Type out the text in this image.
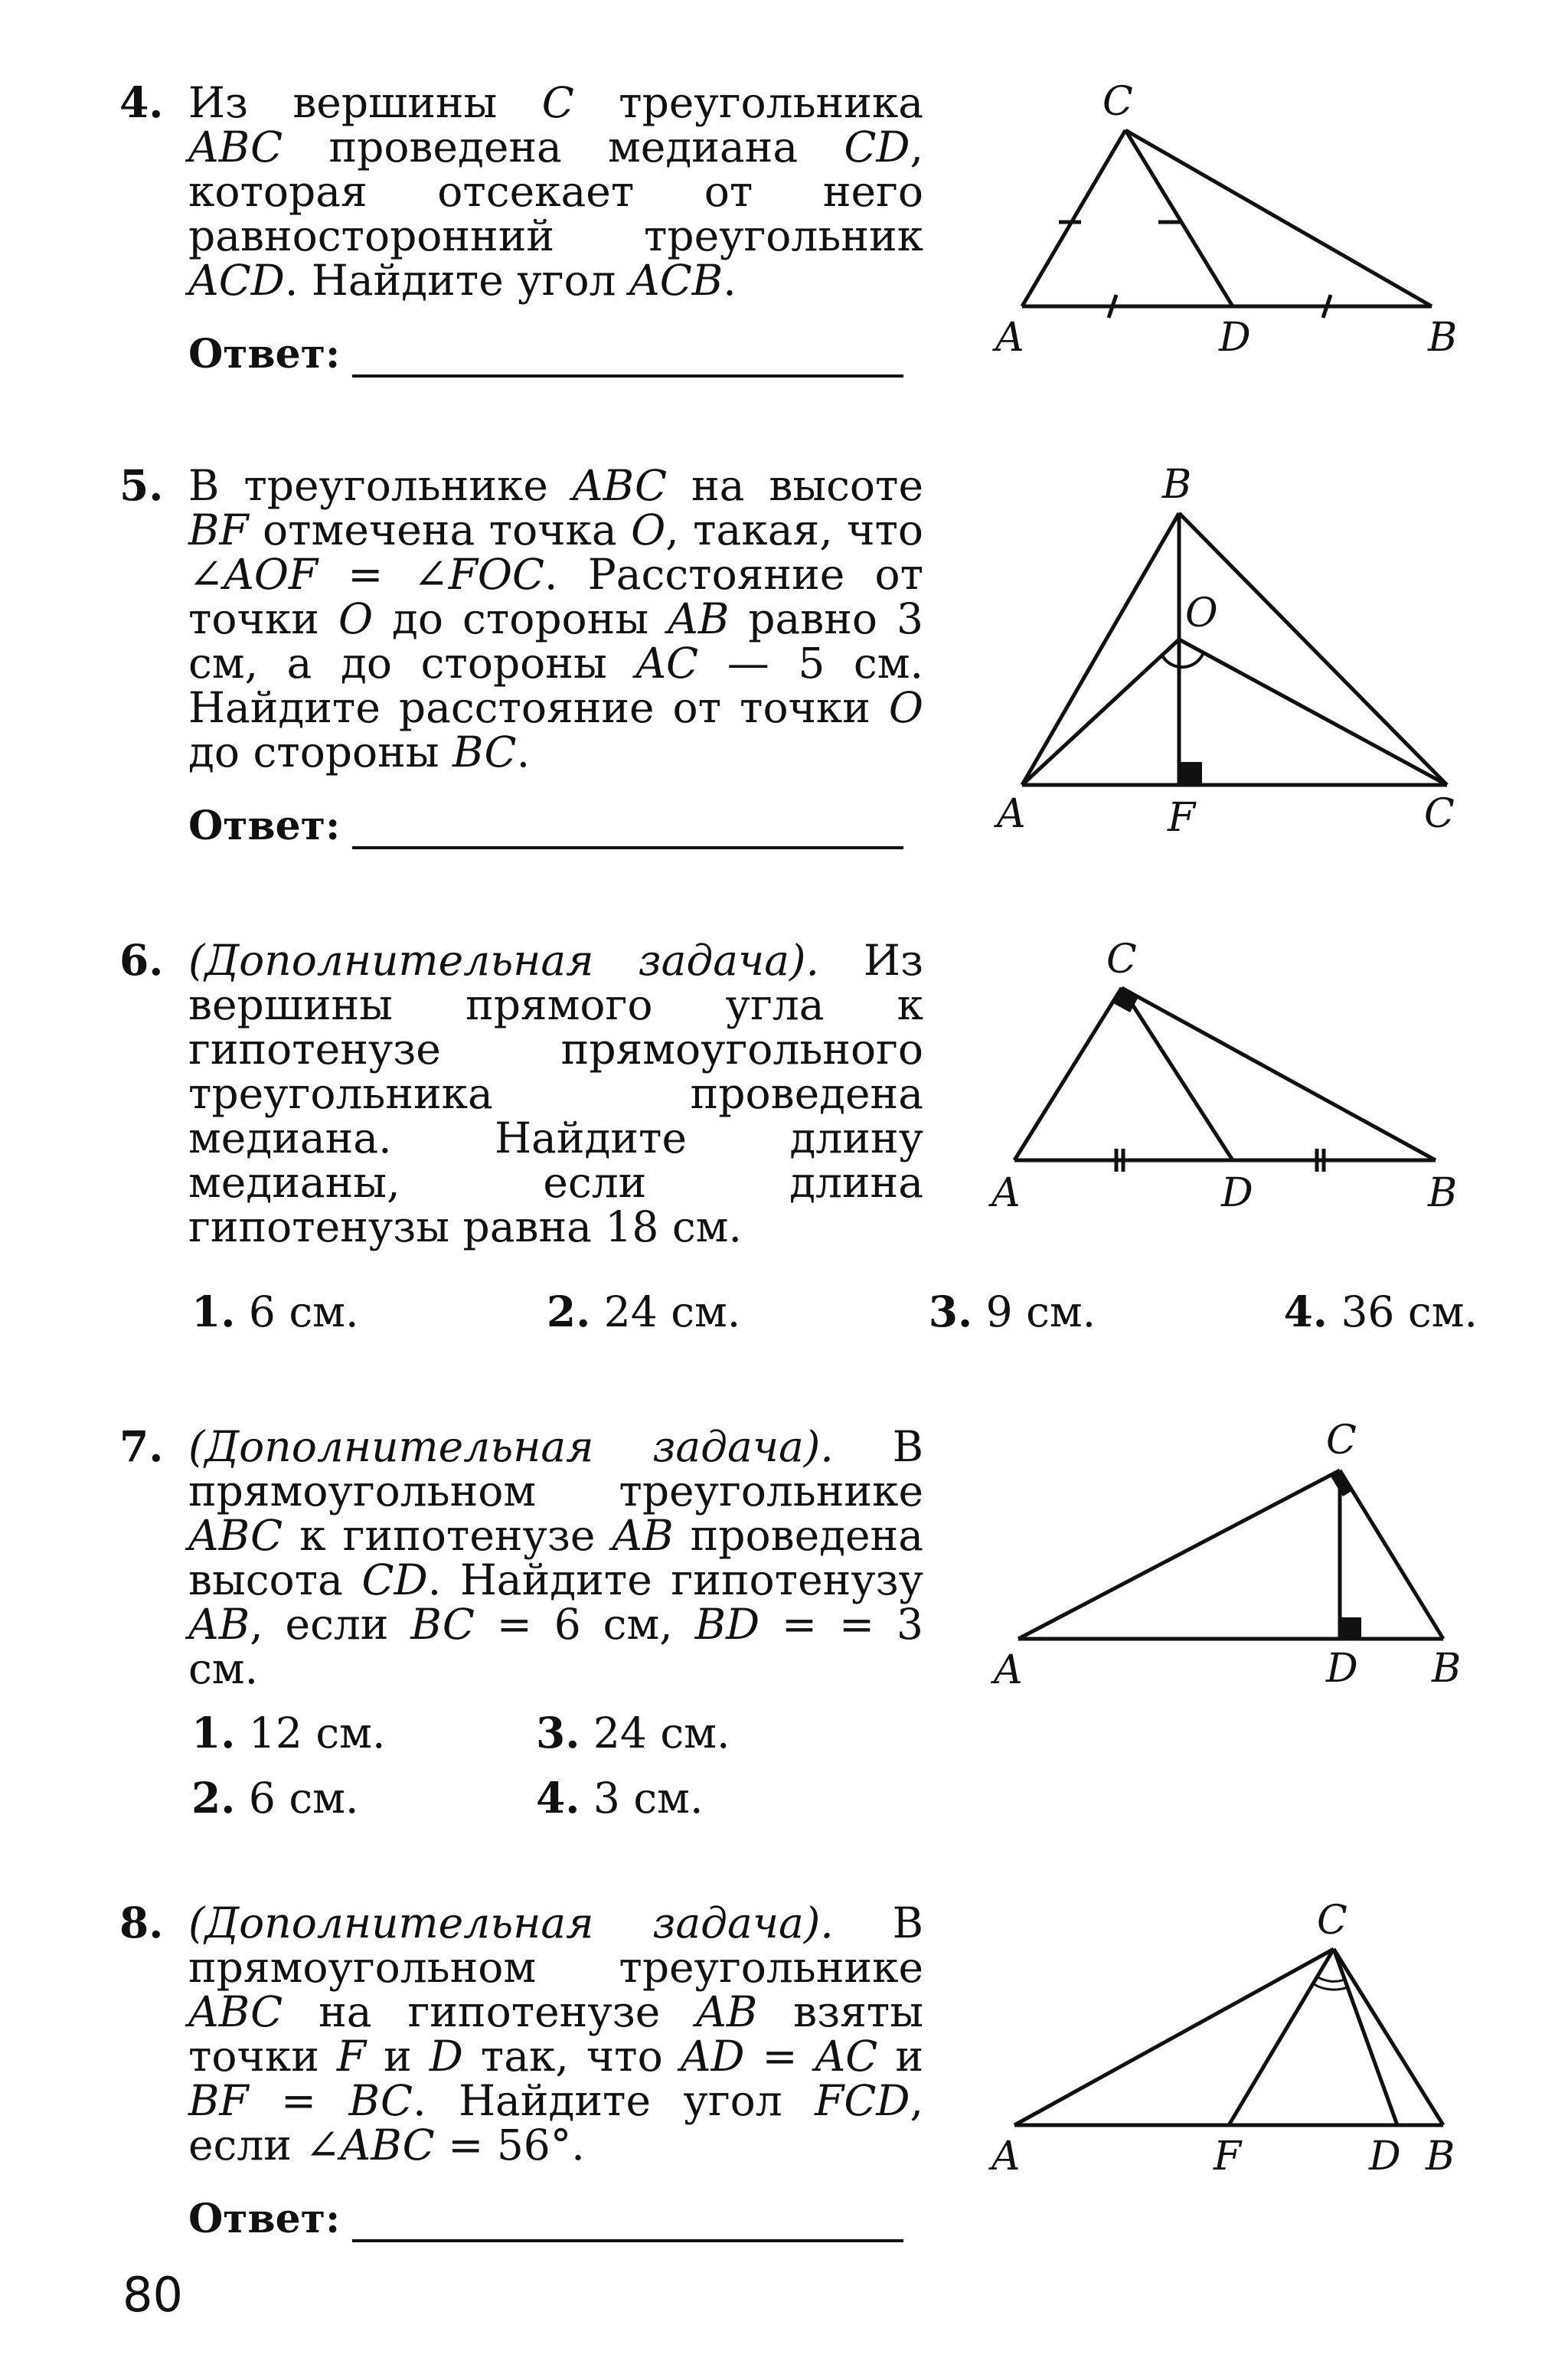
4. Из вершины C треугольника ABC проведена медиана CD, которая отсекает от него равносторонний треугольник ACD. Найдите угол ACB.
Ответ:
C
A	D	B
5. В треугольнике ABC на высоте BF отмечена точка O, такая, что ∠AOF = ∠FOC. Расстояние от точки O до стороны AB равно 3 см, а до стороны AC — 5 см. Найдите расстояние от точки O до стороны BC.
Ответ:
B
O
A	F	C
6. (Дополнительная задача). Из вершины прямого угла к гипотенузе прямоугольного треугольника проведена медиана. Найдите длину медианы, если длина гипотенузы равна 18 см.
C
A	D	B
1. 6 см.	2. 24 см.	3. 9 см.	4. 36 см.
7. (Дополнительная задача). В прямоугольном треугольнике ABC к гипотенузе AB проведена высота CD. Найдите гипотенузу AB, если BC = 6 см, BD = = 3 см.
1. 12 см.	3. 24 см.
2. 6 см.	4. 3 см.
C
A	D B
8. (Дополнительная задача). В прямоугольном треугольнике ABC на гипотенузе AB взяты точки F и D так, что AD = AC и BF = BC. Найдите угол FCD, если ∠ABC = 56°.
Ответ:
C
A	F	D B
80
